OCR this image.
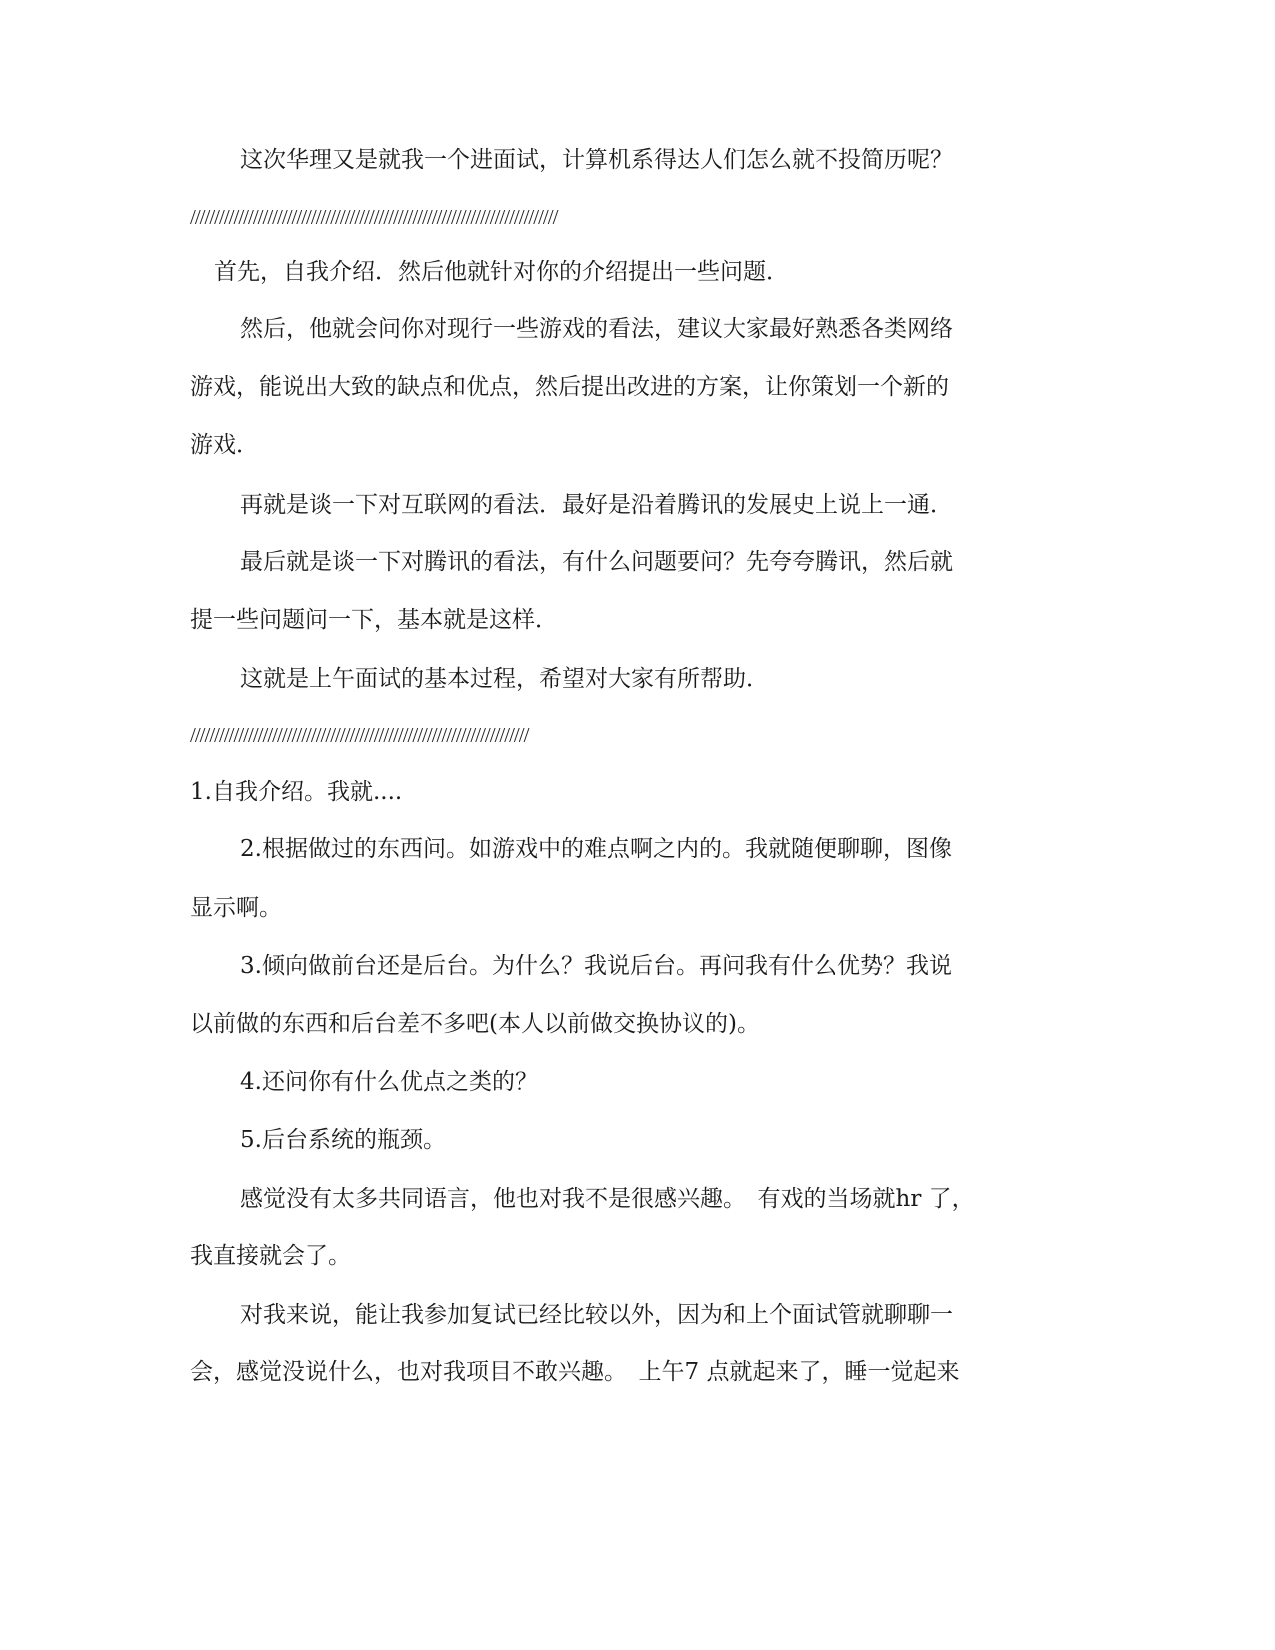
这次华理又是就我一个进面试，计算机系得达人们怎么就不投简历呢？
////////////////////////////////////////////////////////////////////////////
首先，自我介绍．然后他就针对你的介绍提出一些问题．
然后，他就会问你对现行一些游戏的看法，建议大家最好熟悉各类网络
游戏，能说出大致的缺点和优点，然后提出改进的方案，让你策划一个新的
游戏．
再就是谈一下对互联网的看法．最好是沿着腾讯的发展史上说上一通．
最后就是谈一下对腾讯的看法，有什么问题要问？先夸夸腾讯，然后就
提一些问题问一下，基本就是这样．
这就是上午面试的基本过程，希望对大家有所帮助．
//////////////////////////////////////////////////////////////////////
1.自我介绍。我就....
2.根据做过的东西问。如游戏中的难点啊之内的。我就随便聊聊，图像
显示啊。
3.倾向做前台还是后台。为什么？我说后台。再问我有什么优势？我说
以前做的东西和后台差不多吧(本人以前做交换协议的)。
4.还问你有什么优点之类的？
5.后台系统的瓶颈。
感觉没有太多共同语言，他也对我不是很感兴趣。　有戏的当场就hr 了，
我直接就会了。
对我来说，能让我参加复试已经比较以外，因为和上个面试管就聊聊一
会，感觉没说什么，也对我项目不敢兴趣。　上午7 点就起来了，睡一觉起来
